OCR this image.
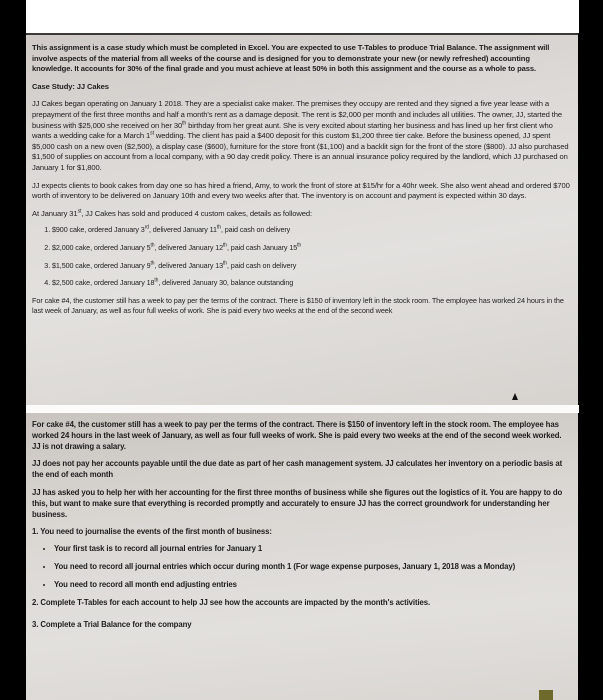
This assignment is a case study which must be completed in Excel. You are expected to use T-Tables to produce Trial Balance. The assignment will involve aspects of the material from all weeks of the course and is designed for you to demonstrate your new (or newly refreshed) accounting knowledge. It accounts for 30% of the final grade and you must achieve at least 50% in both this assignment and the course as a whole to pass.

Case Study: JJ Cakes

JJ Cakes began operating on January 1 2018. They are a specialist cake maker. The premises they occupy are rented and they signed a five year lease with a prepayment of the first three months and half a month's rent as a damage deposit. The rent is $2,000 per month and includes all utilities. The owner, JJ, started the business with $25,000 she received on her 30th birthday from her great aunt. She is very excited about starting her business and has lined up her first client who wants a wedding cake for a March 1st wedding. The client has paid a $400 deposit for this custom $1,200 three tier cake. Before the business opened, JJ spent $5,000 cash on a new oven ($2,500), a display case ($600), furniture for the store front ($1,100) and a backlit sign for the front of the store ($800). JJ also purchased $1,500 of supplies on account from a local company, with a 90 day credit policy. There is an annual insurance policy required by the landlord, which JJ purchased on January 1 for $1,800.

JJ expects clients to book cakes from day one so has hired a friend, Amy, to work the front of store at $15/hr for a 40hr week. She also went ahead and ordered $700 worth of inventory to be delivered on January 10th and every two weeks after that. The inventory is on account and payment is expected within 30 days.

At January 31st, JJ Cakes has sold and produced 4 custom cakes, details as followed:

1. $900 cake, ordered January 3rd, delivered January 11th, paid cash on delivery
2. $2,000 cake, ordered January 5th, delivered January 12th, paid cash January 15th
3. $1,500 cake, ordered January 9th, delivered January 13th, paid cash on delivery
4. $2,500 cake, ordered January 18th, delivered January 30, balance outstanding

For cake #4, the customer still has a week to pay per the terms of the contract. There is $150 of inventory left in the stock room. The employee has worked 24 hours in the last week of January, as well as four full weeks of work. She is paid every two weeks at the end of the second week

For cake #4, the customer still has a week to pay per the terms of the contract. There is $150 of inventory left in the stock room. The employee has worked 24 hours in the last week of January, as well as four full weeks of work. She is paid every two weeks at the end of the second week worked. JJ is not drawing a salary.

JJ does not pay her accounts payable until the due date as part of her cash management system. JJ calculates her inventory on a periodic basis at the end of each month

JJ has asked you to help her with her accounting for the first three months of business while she figures out the logistics of it. You are happy to do this, but want to make sure that everything is recorded promptly and accurately to ensure JJ has the correct groundwork for understanding her business.

1. You need to journalise the events of the first month of business:
• Your first task is to record all journal entries for January 1
• You need to record all journal entries which occur during month 1 (For wage expense purposes, January 1, 2018 was a Monday)
• You need to record all month end adjusting entries
2. Complete T-Tables for each account to help JJ see how the accounts are impacted by the month's activities.
3. Complete a Trial Balance for the company
